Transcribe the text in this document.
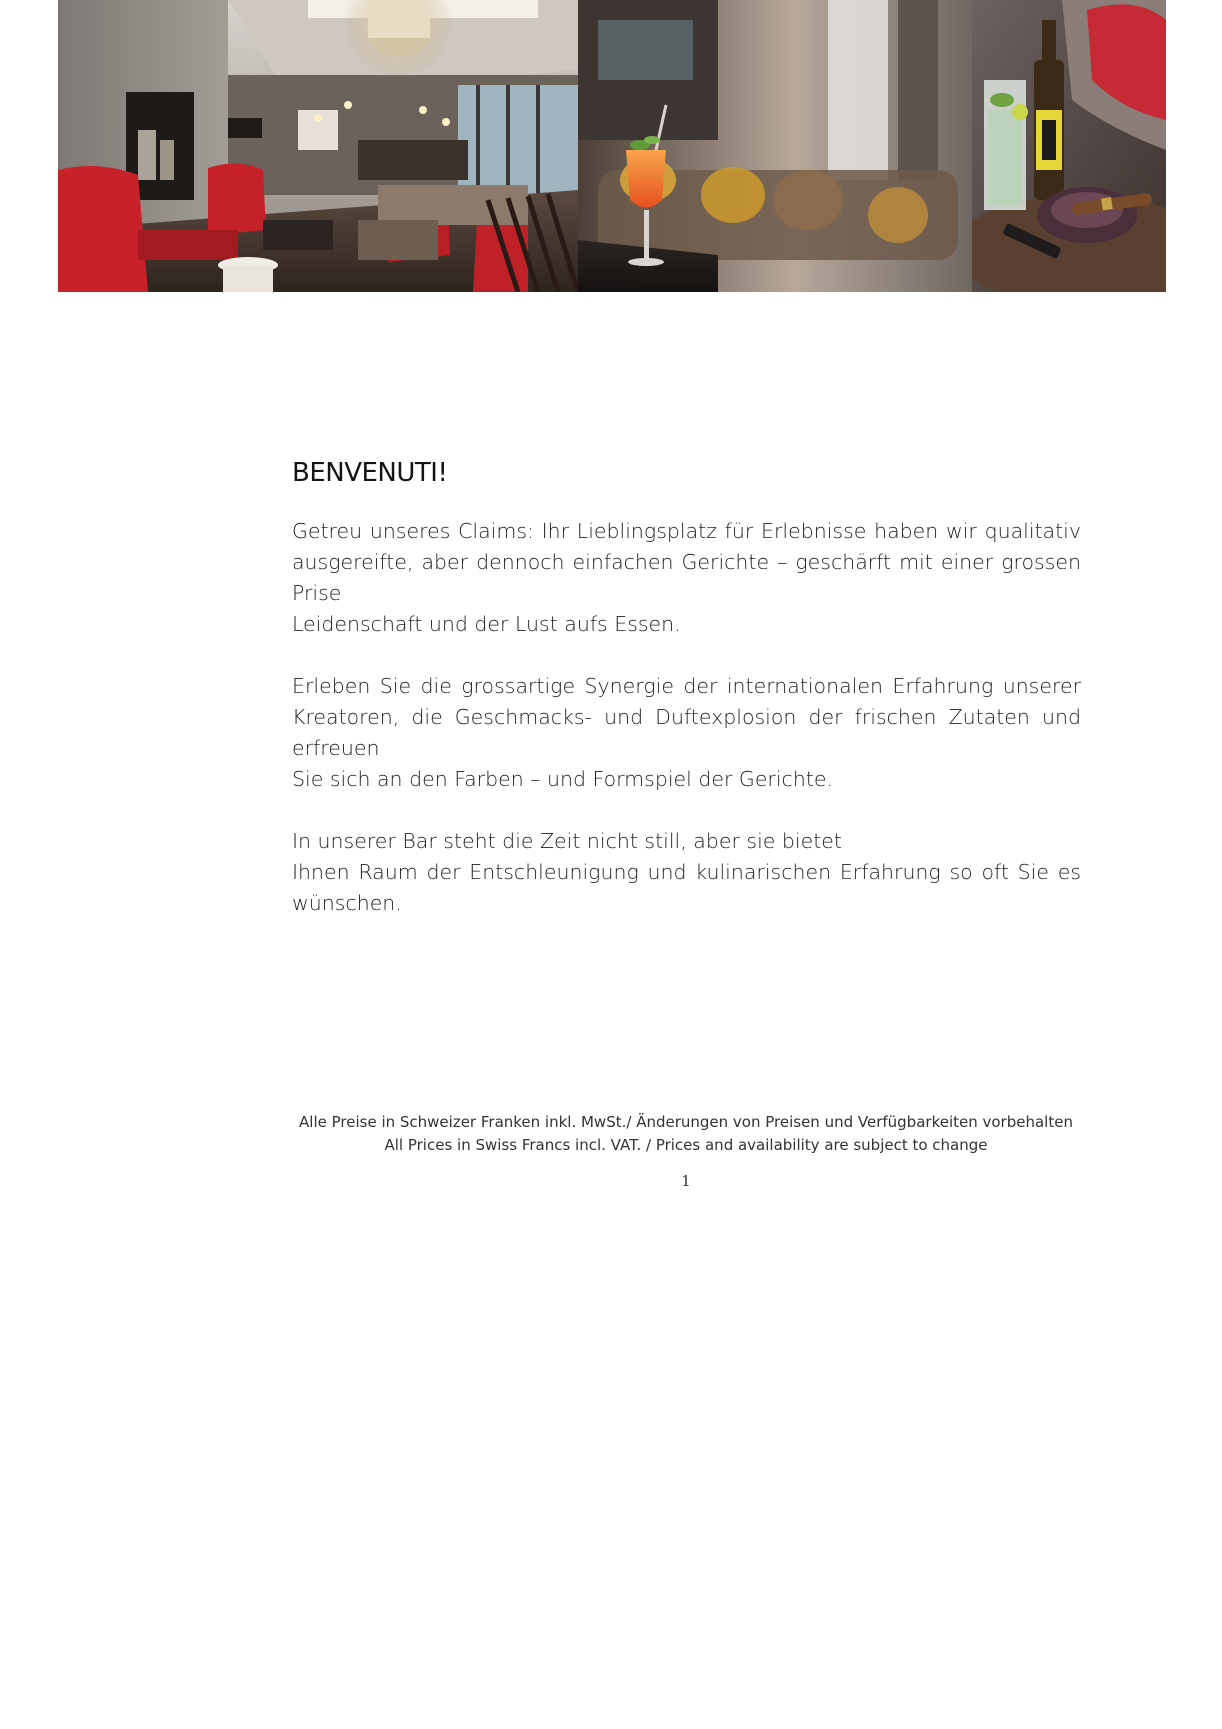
BENVENUTI!
Getreu unseres Claims: Ihr Lieblingsplatz für Erlebnisse haben wir qualitativ
ausgereifte, aber dennoch einfachen Gerichte – geschärft mit einer grossen Prise
Leidenschaft und der Lust aufs Essen.
Erleben Sie die grossartige Synergie der internationalen Erfahrung unserer
Kreatoren, die Geschmacks- und Duftexplosion der frischen Zutaten und erfreuen
Sie sich an den Farben – und Formspiel der Gerichte.
In unserer Bar steht die Zeit nicht still, aber sie bietet
Ihnen Raum der Entschleunigung und kulinarischen Erfahrung so oft Sie es
wünschen.
Alle Preise in Schweizer Franken inkl. MwSt./ Änderungen von Preisen und Verfügbarkeiten vorbehalten
All Prices in Swiss Francs incl. VAT. / Prices and availability are subject to change
1
